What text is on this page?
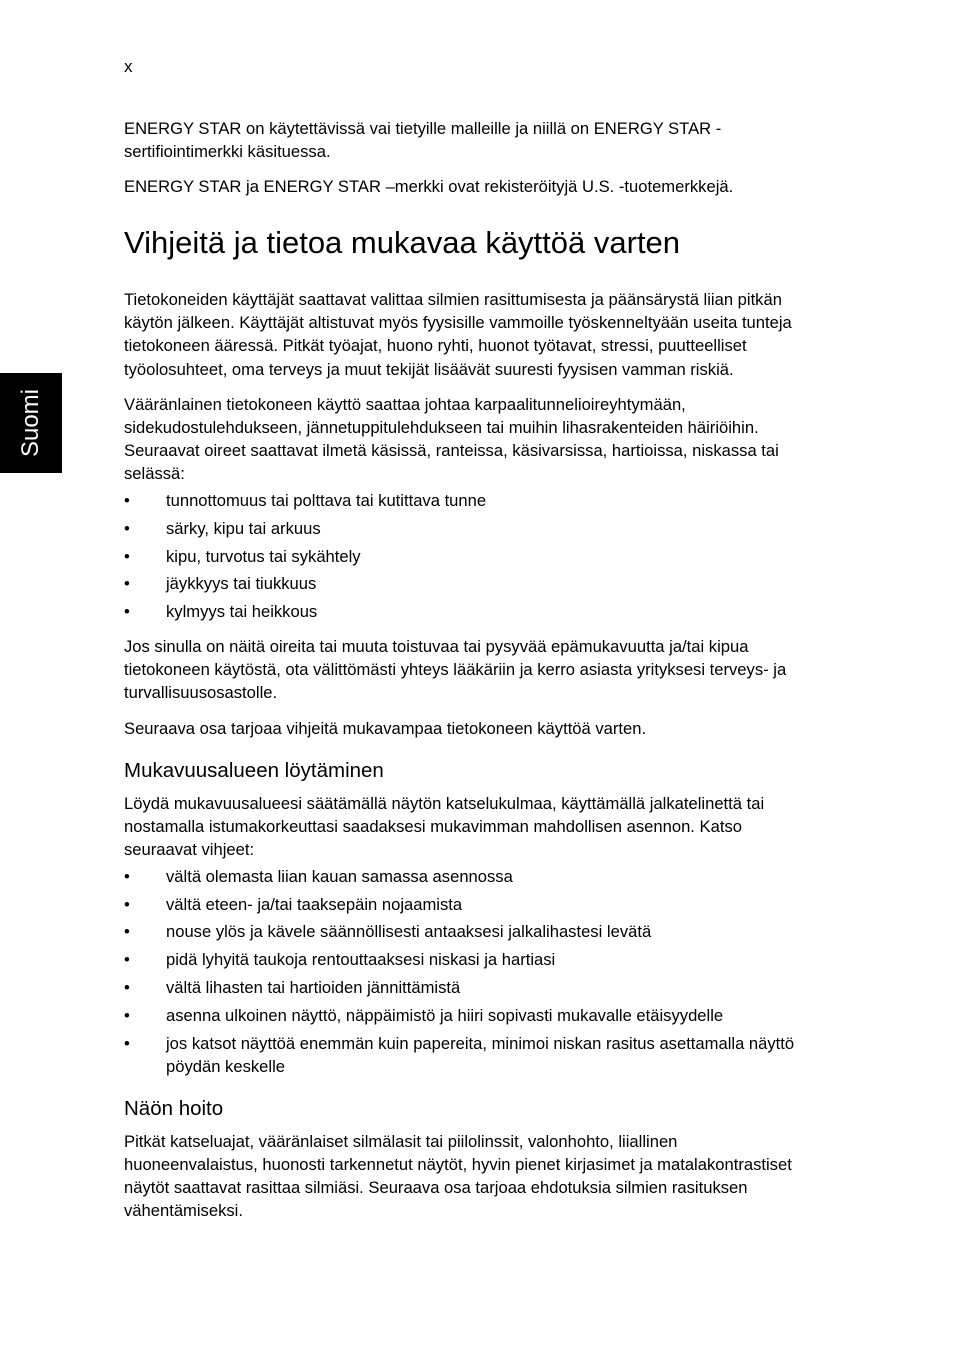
x
Suomi

ENERGY STAR on käytettävissä vai tietyille malleille ja niillä on ENERGY STAR -sertifiointimerkki käsituessa.

ENERGY STAR ja ENERGY STAR –merkki ovat rekisteröityjä U.S. -tuotemerkkejä.

Vihjeitä ja tietoa mukavaa käyttöä varten

Tietokoneiden käyttäjät saattavat valittaa silmien rasittumisesta ja päänsärystä liian pitkän käytön jälkeen. Käyttäjät altistuvat myös fyysisille vammoille työskenneltyään useita tunteja tietokoneen ääressä. Pitkät työajat, huono ryhti, huonot työtavat, stressi, puutteelliset työolosuhteet, oma terveys ja muut tekijät lisäävät suuresti fyysisen vamman riskiä.

Vääränlainen tietokoneen käyttö saattaa johtaa karpaalitunnelioireyhtymään, sidekudostulehdukseen, jännetuppitulehdukseen tai muihin lihasrakenteiden häiriöihin. Seuraavat oireet saattavat ilmetä käsissä, ranteissa, käsivarsissa, hartioissa, niskassa tai selässä:

• tunnottomuus tai polttava tai kutittava tunne
• särky, kipu tai arkuus
• kipu, turvotus tai sykähtely
• jäykkyys tai tiukkuus
• kylmyys tai heikkous

Jos sinulla on näitä oireita tai muuta toistuvaa tai pysyvää epämukavuutta ja/tai kipua tietokoneen käytöstä, ota välittömästi yhteys lääkäriin ja kerro asiasta yrityksesi terveys- ja turvallisuusosastolle.

Seuraava osa tarjoaa vihjeitä mukavampaa tietokoneen käyttöä varten.

Mukavuusalueen löytäminen

Löydä mukavuusalueesi säätämällä näytön katselukulmaa, käyttämällä jalkatelinettä tai nostamalla istumakorkeuttasi saadaksesi mukavimman mahdollisen asennon. Katso seuraavat vihjeet:

• vältä olemasta liian kauan samassa asennossa
• vältä eteen- ja/tai taaksepäin nojaamista
• nouse ylös ja kävele säännöllisesti antaaksesi jalkalihastesi levätä
• pidä lyhyitä taukoja rentouttaaksesi niskasi ja hartiasi
• vältä lihasten tai hartioiden jännittämistä
• asenna ulkoinen näyttö, näppäimistö ja hiiri sopivasti mukavalle etäisyydelle
• jos katsot näyttöä enemmän kuin papereita, minimoi niskan rasitus asettamalla näyttö pöydän keskelle
Näön hoito

Pitkät katseluajat, vääränlaiset silmälasit tai piilolinssit, valonhohto, liiallinen huoneenvalaistus, huonosti tarkennetut näytöt, hyvin pienet kirjasimet ja matalakontrastiset näytöt saattavat rasittaa silmiäsi. Seuraava osa tarjoaa ehdotuksia silmien rasituksen vähentämiseksi.
